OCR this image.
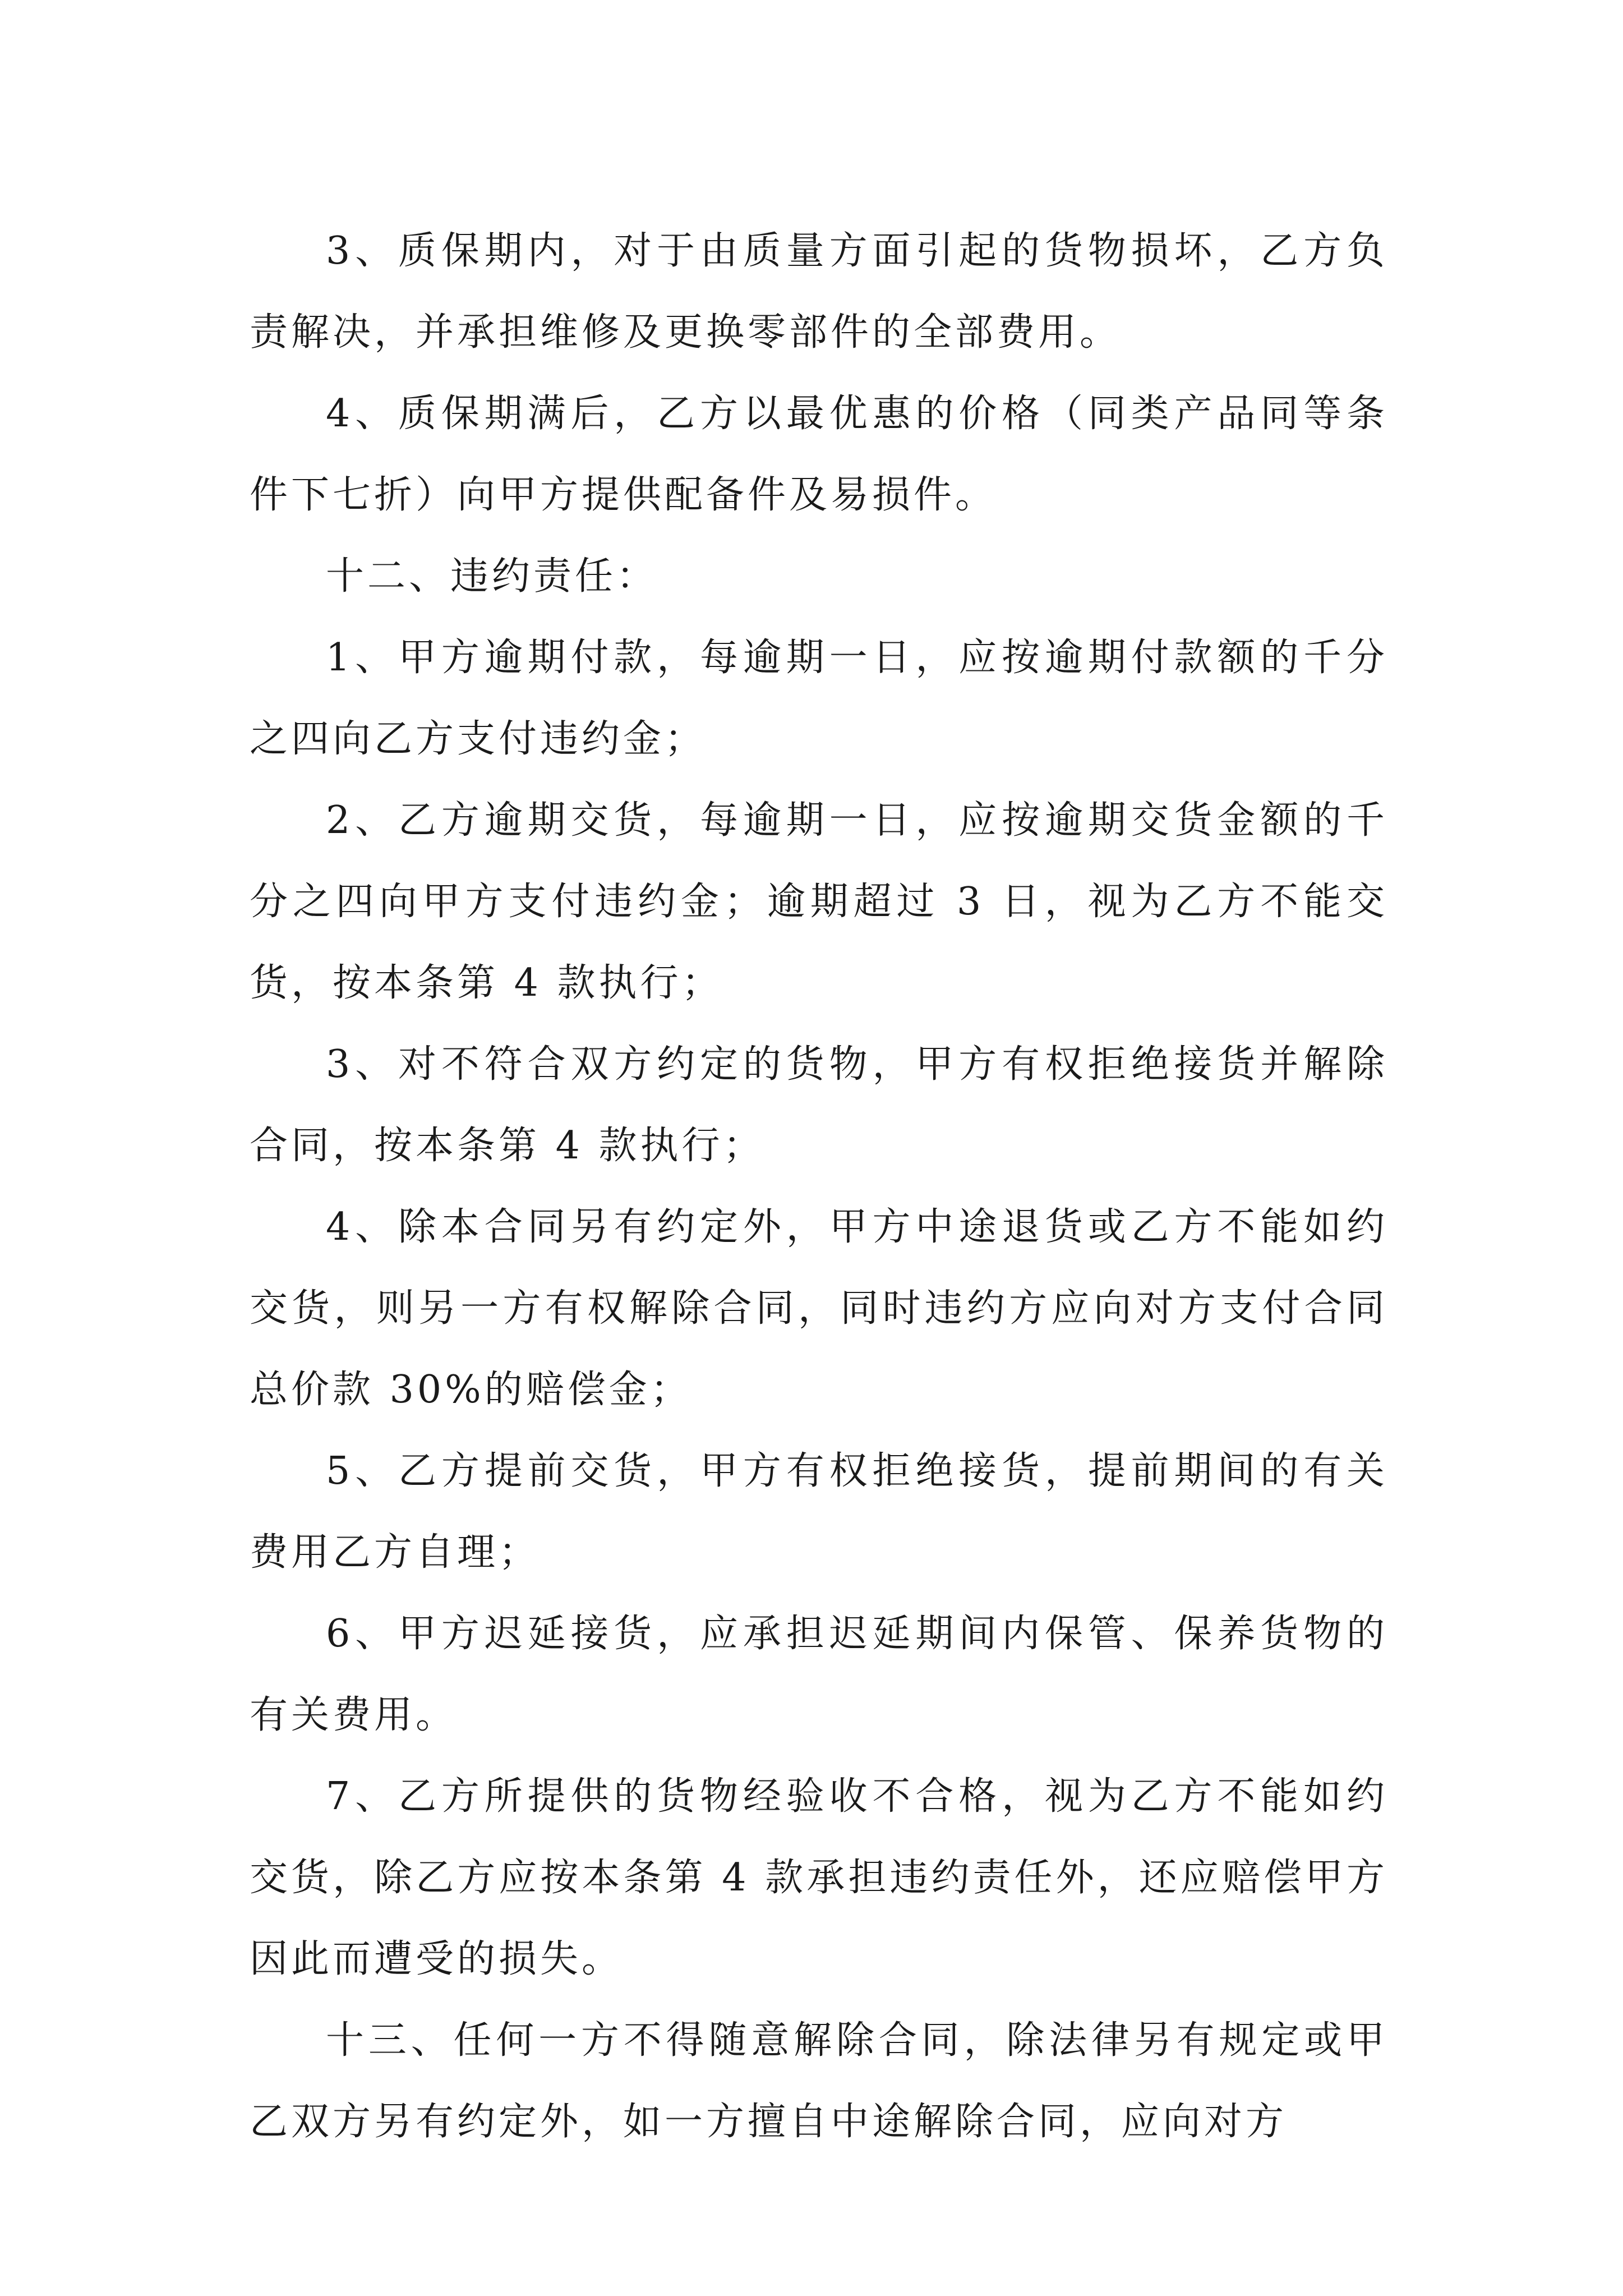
3、质保期内，对于由质量方面引起的货物损坏，乙方负责解决，并承担维修及更换零部件的全部费用。

4、质保期满后，乙方以最优惠的价格（同类产品同等条件下七折）向甲方提供配备件及易损件。

十二、违约责任：

1、甲方逾期付款，每逾期一日，应按逾期付款额的千分之四向乙方支付违约金；

2、乙方逾期交货，每逾期一日，应按逾期交货金额的千分之四向甲方支付违约金；逾期超过 3 日，视为乙方不能交货，按本条第 4 款执行；

3、对不符合双方约定的货物，甲方有权拒绝接货并解除合同，按本条第 4 款执行；

4、除本合同另有约定外，甲方中途退货或乙方不能如约交货，则另一方有权解除合同，同时违约方应向对方支付合同总价款 30%的赔偿金；

5、乙方提前交货，甲方有权拒绝接货，提前期间的有关费用乙方自理；

6、甲方迟延接货，应承担迟延期间内保管、保养货物的有关费用。

7、乙方所提供的货物经验收不合格，视为乙方不能如约交货，除乙方应按本条第 4 款承担违约责任外，还应赔偿甲方因此而遭受的损失。

十三、任何一方不得随意解除合同，除法律另有规定或甲乙双方另有约定外，如一方擅自中途解除合同，应向对方
